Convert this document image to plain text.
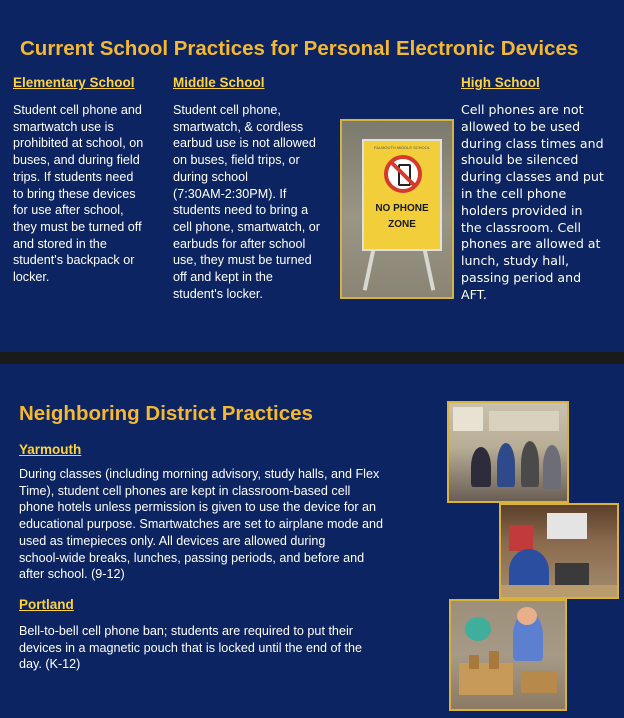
Current School Practices for Personal Electronic Devices
Elementary School
Student cell phone and
smartwatch use is
prohibited at school, on
buses, and during field
trips. If students need
to bring these devices
for use after school,
they must be turned off
and stored in the
student's backpack or
locker.
Middle School
Student cell phone,
smartwatch, & cordless
earbud use is not allowed
on buses, field trips, or
during school
(7:30AM-2:30PM). If
students need to bring a
cell phone, smartwatch, or
earbuds for after school
use, they must be turned
off and kept in the
student's locker.
FALMOUTH MIDDLE SCHOOL
NO PHONE
ZONE
High School
Cell phones are not
allowed to be used
during class times and
should be silenced
during classes and put
in the cell phone
holders provided in
the classroom. Cell
phones are allowed at
lunch, study hall,
passing period and
AFT.
Neighboring District Practices
Yarmouth
During classes (including morning advisory, study halls, and Flex
Time), student cell phones are kept in classroom-based cell
phone hotels unless permission is given to use the device for an
educational purpose. Smartwatches are set to airplane mode and
used as timepieces only. All devices are allowed during
school-wide breaks, lunches, passing periods, and before and
after school. (9-12)
Portland
Bell-to-bell cell phone ban; students are required to put their
devices in a magnetic pouch that is locked until the end of the
day. (K-12)
